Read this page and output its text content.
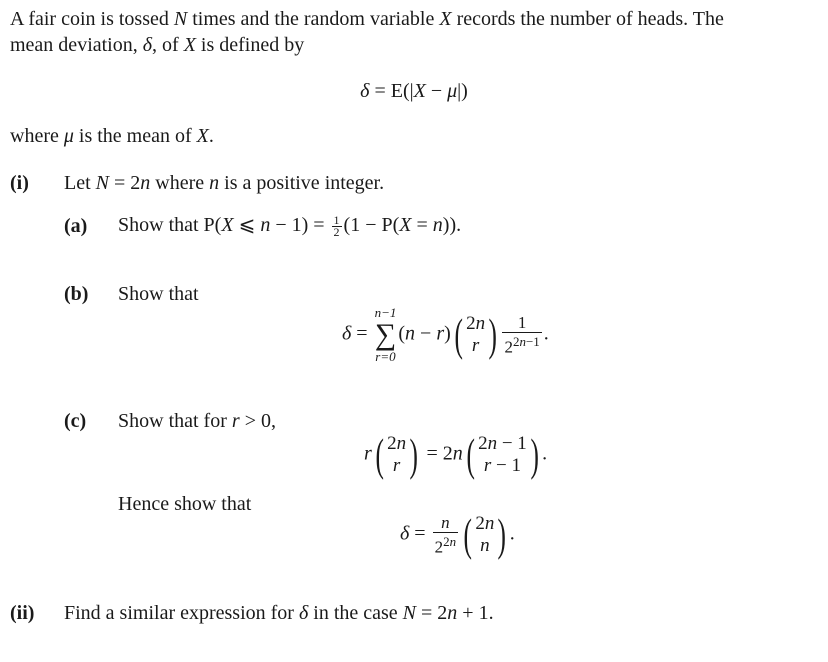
A fair coin is tossed N times and the random variable X records the number of heads. The
mean deviation, δ, of X is defined by
δ = E(|X − μ|)
where μ is the mean of X.
(i) Let N = 2n where n is a positive integer.
(a) Show that P(X ⩽ $n - 1) = \frac{1}{2} (1 - P(X = n))$.
(b) Show that
δ =
n−1
∑
r=0
(n − r) ( 2n
r ) $\frac{1}{2^{2n-1}}$ .
(c) Show that for r > 0,
r ( 2n
r ) = 2n ( 2n − 1
r − 1 ) .
Hence show that
$\delta = \frac{n}{2^{2n}}$ ( 2n
n ) .
(ii) Find a similar expression for δ in the case N = 2n + 1.
